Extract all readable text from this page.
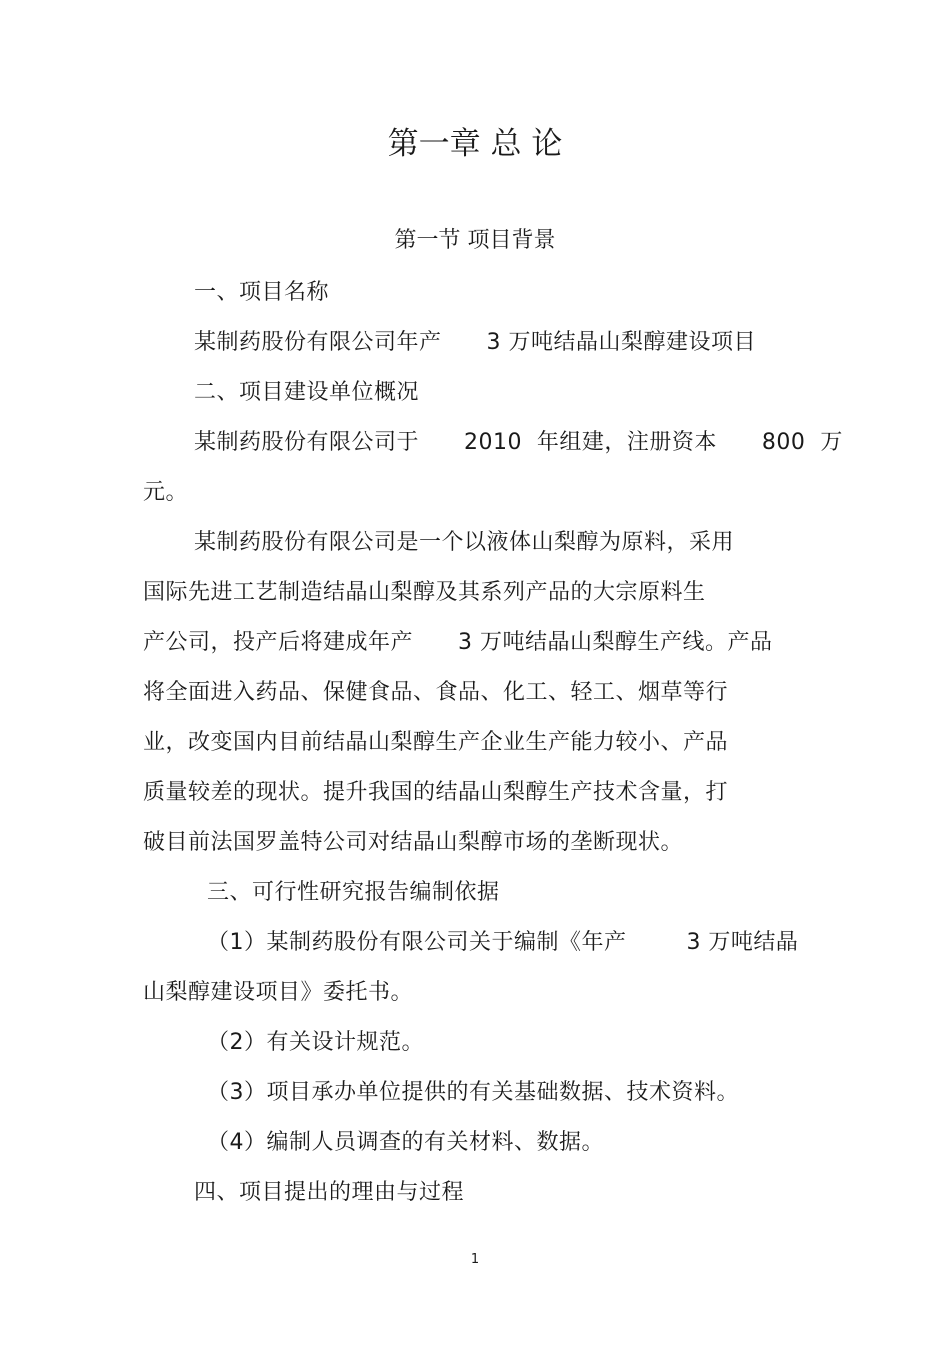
第一章 总 论
第一节 项目背景
一、项目名称
某制药股份有限公司年产      3 万吨结晶山梨醇建设项目
二、项目建设单位概况
某制药股份有限公司于      2010  年组建，注册资本      800  万
元。
某制药股份有限公司是一个以液体山梨醇为原料，采用
国际先进工艺制造结晶山梨醇及其系列产品的大宗原料生
产公司，投产后将建成年产      3 万吨结晶山梨醇生产线。产品
将全面进入药品、保健食品、食品、化工、轻工、烟草等行
业，改变国内目前结晶山梨醇生产企业生产能力较小、产品
质量较差的现状。提升我国的结晶山梨醇生产技术含量，打
破目前法国罗盖特公司对结晶山梨醇市场的垄断现状。
三、可行性研究报告编制依据
（1）某制药股份有限公司关于编制《年产        3 万吨结晶
山梨醇建设项目》委托书。
（2）有关设计规范。
（3）项目承办单位提供的有关基础数据、技术资料。
（4）编制人员调查的有关材料、数据。
四、项目提出的理由与过程
1
